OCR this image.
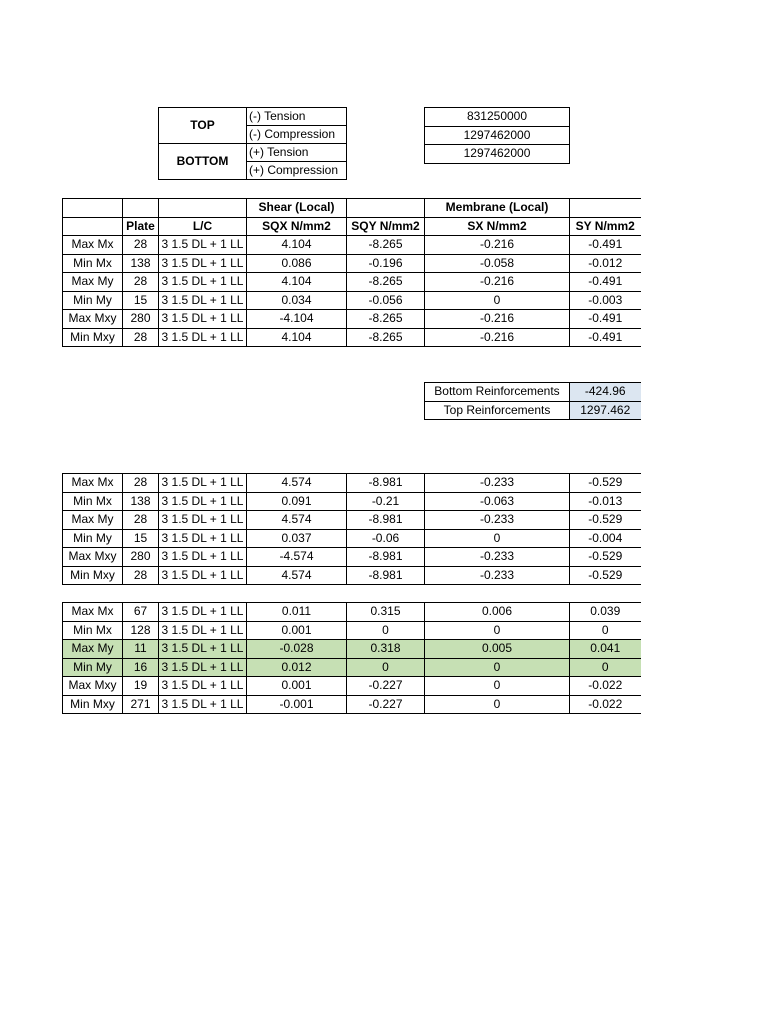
TOP	(-) Tension
	(-) Compression
BOTTOM	(+) Tension
	(+) Compression
831250000
1297462000
1297462000
			Shear (Local)		Membrane (Local)	
	Plate	L/C	SQX N/mm2	SQY N/mm2	SX N/mm2	SY N/mm2
Max Mx	28	3 1.5 DL + 1 LL	4.104	-8.265	-0.216	-0.491
Min Mx	138	3 1.5 DL + 1 LL	0.086	-0.196	-0.058	-0.012
Max My	28	3 1.5 DL + 1 LL	4.104	-8.265	-0.216	-0.491
Min My	15	3 1.5 DL + 1 LL	0.034	-0.056	0	-0.003
Max Mxy	280	3 1.5 DL + 1 LL	-4.104	-8.265	-0.216	-0.491
Min Mxy	28	3 1.5 DL + 1 LL	4.104	-8.265	-0.216	-0.491
Bottom Reinforcements	-424.96
Top Reinforcements	1297.462
Max Mx	28	3 1.5 DL + 1 LL	4.574	-8.981	-0.233	-0.529
Min Mx	138	3 1.5 DL + 1 LL	0.091	-0.21	-0.063	-0.013
Max My	28	3 1.5 DL + 1 LL	4.574	-8.981	-0.233	-0.529
Min My	15	3 1.5 DL + 1 LL	0.037	-0.06	0	-0.004
Max Mxy	280	3 1.5 DL + 1 LL	-4.574	-8.981	-0.233	-0.529
Min Mxy	28	3 1.5 DL + 1 LL	4.574	-8.981	-0.233	-0.529
Max Mx	67	3 1.5 DL + 1 LL	0.011	0.315	0.006	0.039
Min Mx	128	3 1.5 DL + 1 LL	0.001	0	0	0
Max My	11	3 1.5 DL + 1 LL	-0.028	0.318	0.005	0.041
Min My	16	3 1.5 DL + 1 LL	0.012	0	0	0
Max Mxy	19	3 1.5 DL + 1 LL	0.001	-0.227	0	-0.022
Min Mxy	271	3 1.5 DL + 1 LL	-0.001	-0.227	0	-0.022
